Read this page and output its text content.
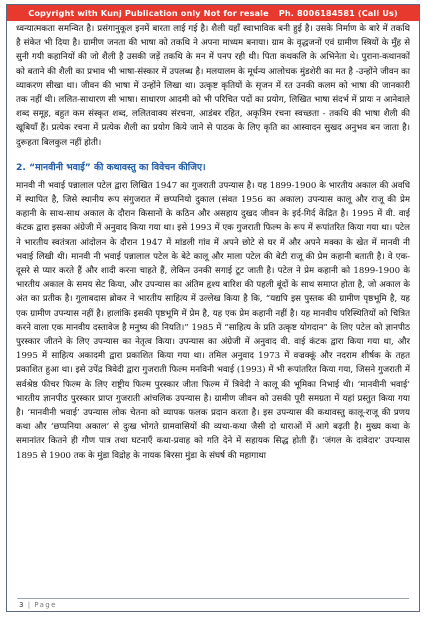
Copyright with Kunj Publication only Not for resale Ph. 8006184581 (Call Us)

ध्वन्यात्मकता समन्वित है। प्रसंगानुकूल इनमें बारता लाई गई है। शैली यहाँ स्वाभाविक बनी हुई है। उसके निर्माण के बारे में तकथि है संकेत भी दिया है। ग्रामीण जनता की भाषा को तकथि ने अपना माध्यम बनाया। ग्राम के वृद्धजनों एवं ग्रामीण स्त्रियों के मुँह से सुनी गयी कहानियों की जो शैली है उसकी जड़ें तकथि के मन में पनप रही थी। पिता कथकलि के अभिनेता थे। पुराना-कथानकों को बताने की शैली का प्रभाव भी भाषा-संस्कार में उपलब्ध है। मलयालम के मूर्धन्य आलोचक मुंडशेरी का मत है -उन्होंने जीवन का व्याकरण सीखा था। जीवन की भाषा में उन्होंने लिखा था। उत्कृष्ट कृतियों के सृजन में रत उनकी कलम को भाषा की जानकारी तक नहीं थी। ललित-साधारण सी भाषा। साधारण आदमी को भी परिचित पदों का प्रयोग, लिखित भाषा संदर्भ में प्रायः न आनेवाले शब्द समूह, बहुत कम संस्कृत शब्द, ललितवाक्य संरचना, आडंबर रहित, अकृत्रिम रचना स्वच्छता - तकथि की भाषा शैली की खूबियाँ हैं। प्रत्येक रचना में प्रत्येक शैली का प्रयोग किये जाने से पाठक के लिए कृति का आस्वादन सुखद अनुभव बन जाता है। दुरूहता बिलकुल नहीं होती।

2. “मानवीनी भवाई” की कथावस्तु का विवेचन कीजिए।

मानवी नी भवाई पन्नालाल पटेल द्वारा लिखित 1947 का गुजराती उपन्यास है। यह 1899-1900 के भारतीय अकाल की अवधि में स्थापित है, जिसे स्थानीय रूप संगुजरात में छप्पनियो दुकाल (संवत 1956 का अकाल) उपन्यास कालू और राजू की प्रेम कहानी के साथ-साथ अकाल के दौरान किसानों के कठिन और असहाय दुखद जीवन के इर्द-गिर्द केंद्रित है। 1995 में वी. वाई कंटक द्वारा इसका अंग्रेजी में अनुवाद किया गया था। इसे 1993 में एक गुजराती फिल्म के रूप में रूपांतरित किया गया था। पटेल ने भारतीय स्वतंत्रता आंदोलन के दौरान 1947 में मांडली गांव में अपने छोटे से घर में और अपने मक्का के खेत में मानवी नी भवाई लिखी थी। मानवी नी भवाई पन्नालाल पटेल के बेटे कालू और माला पटेल की बेटी राजू की प्रेम कहानी बताती है। वे एक-दूसरे से प्यार करते हैं और शादी करना चाहते हैं, लेकिन उनकी सगाई टूट जाती है। पटेल ने प्रेम कहानी को 1899-1900 के भारतीय अकाल के समय सेट किया, और उपन्यास का अंतिम हृश्य बारिश की पहली बूंदों के साथ समाप्त होता है, जो अकाल के अंत का प्रतीक है। गुलाबदास ब्रोकर ने भारतीय साहित्य में उल्लेख किया है कि, “यद्यपि इस पुस्तक की ग्रामीण पृष्ठभूमि है, यह एक ग्रामीण उपन्यास नहीं है। हालांकि इसकी पृष्ठभूमि में प्रेम है, यह एक प्रेम कहानी नहीं है। यह मानवीय परिस्थितियों को चित्रित करने वाला एक मानवीय दस्तावेज है मनुष्य की नियति।” 1985 में “साहित्य के प्रति उत्कृष्ट योगदान” के लिए पटेल को ज्ञानपीठ पुरस्कार जीतने के लिए उपन्यास का नेतृत्व किया। उपन्यास का अंग्रेजी में अनुवाद वी. वाई कंटक द्वारा किया गया था, और 1995 में साहित्य अकादमी द्वारा प्रकाशित किया गया था। तमिल अनुवाद 1973 में वज्रक्कूं और नदराम शीर्षक के तहत प्रकाशित हुआ था। इसे उपेंद्र त्रिवेदी द्वारा गुजराती फिल्म मनविनी भवाई (1993) में भी रूपांतरित किया गया, जिसने गुजराती में सर्वश्रेष्ठ फीचर फिल्म के लिए राष्ट्रीय फिल्म पुरस्कार जीता फिल्म में त्रिवेदी ने कालू की भूमिका निभाई थी। ‘मानवीनी भवाई’ भारतीय ज्ञानपीठ पुरस्कार प्राप्त गुजराती आंचलिक उपन्यास है। ग्रामीण जीवन को उसकी पूरी समग्रता में यहां प्रस्तुत किया गया है। ‘मानवीनी भवाई’ उपन्यास लोक चेतना को व्यापक फलक प्रदान करता है। इस उपन्यास की कथावस्तु कालू-राजू की प्रणय कथा और ‘छप्पनिया अकाल’ से दुःख भोगते ग्रामवासियों की व्यथा-कथा जैसी दो धाराओं में आगे बढ़ती है। मुख्य कथा के समानांतर कितने ही गौण पात्र तथा घटनाएँ कथा-प्रवाह को गति देने में सहायक सिद्ध होती हैं। ‘जंगल के दावेदार’ उपन्यास 1895 से 1900 तक के मुंडा विद्रोह के नायक बिरसा मुंडा के संघर्ष की महागाथा

3 | Page
